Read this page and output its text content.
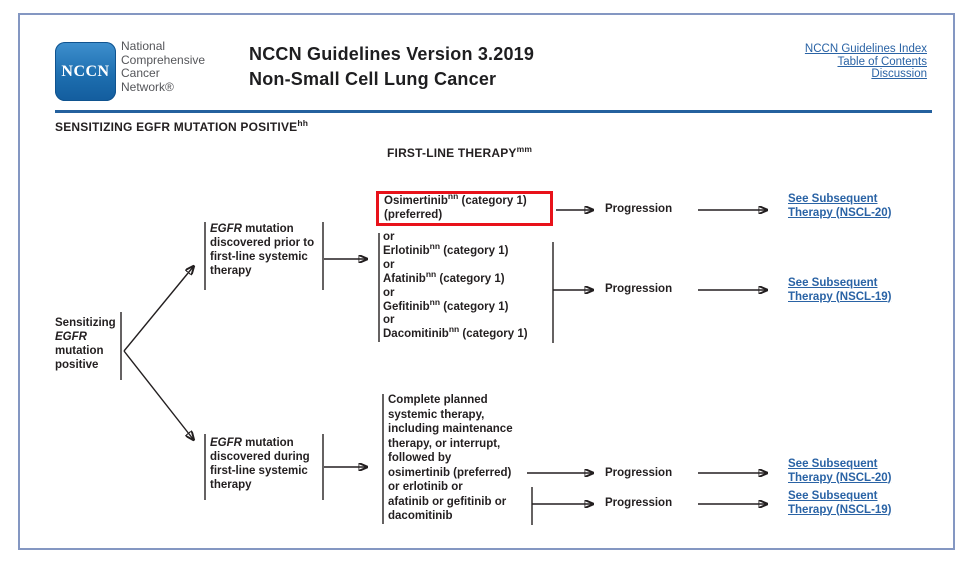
NCCN
National
Comprehensive
Cancer
Network®
NCCN Guidelines Version 3.2019
Non-Small Cell Lung Cancer
NCCN Guidelines Index
Table of Contents
Discussion
SENSITIZING EGFR MUTATION $POSITIVE^{hh}$
FIRST-LINE $THERAPY^{mm}$
Sensitizing
EGFR
mutation
positive
EGFR mutation
discovered prior to
first-line systemic
therapy
Osimertinib$^{nn}$ (category 1)
(preferred)
or
Erlotinib$^{nn}$ (category 1)
or
Afatinib$^{nn}$ (category 1)
or
Gefitinib$^{nn}$ (category 1)
or
Dacomitinib$^{nn}$ (category 1)
EGFR mutation
discovered during
first-line systemic
therapy
Complete planned
systemic therapy,
including maintenance
therapy, or interrupt,
followed by
osimertinib (preferred)
or erlotinib or
afatinib or gefitinib or
dacomitinib
Progression
Progression
Progression
Progression
See Subsequent
Therapy (NSCL-20)
See Subsequent
Therapy (NSCL-19)
See Subsequent
Therapy (NSCL-20)
See Subsequent
Therapy (NSCL-19)
